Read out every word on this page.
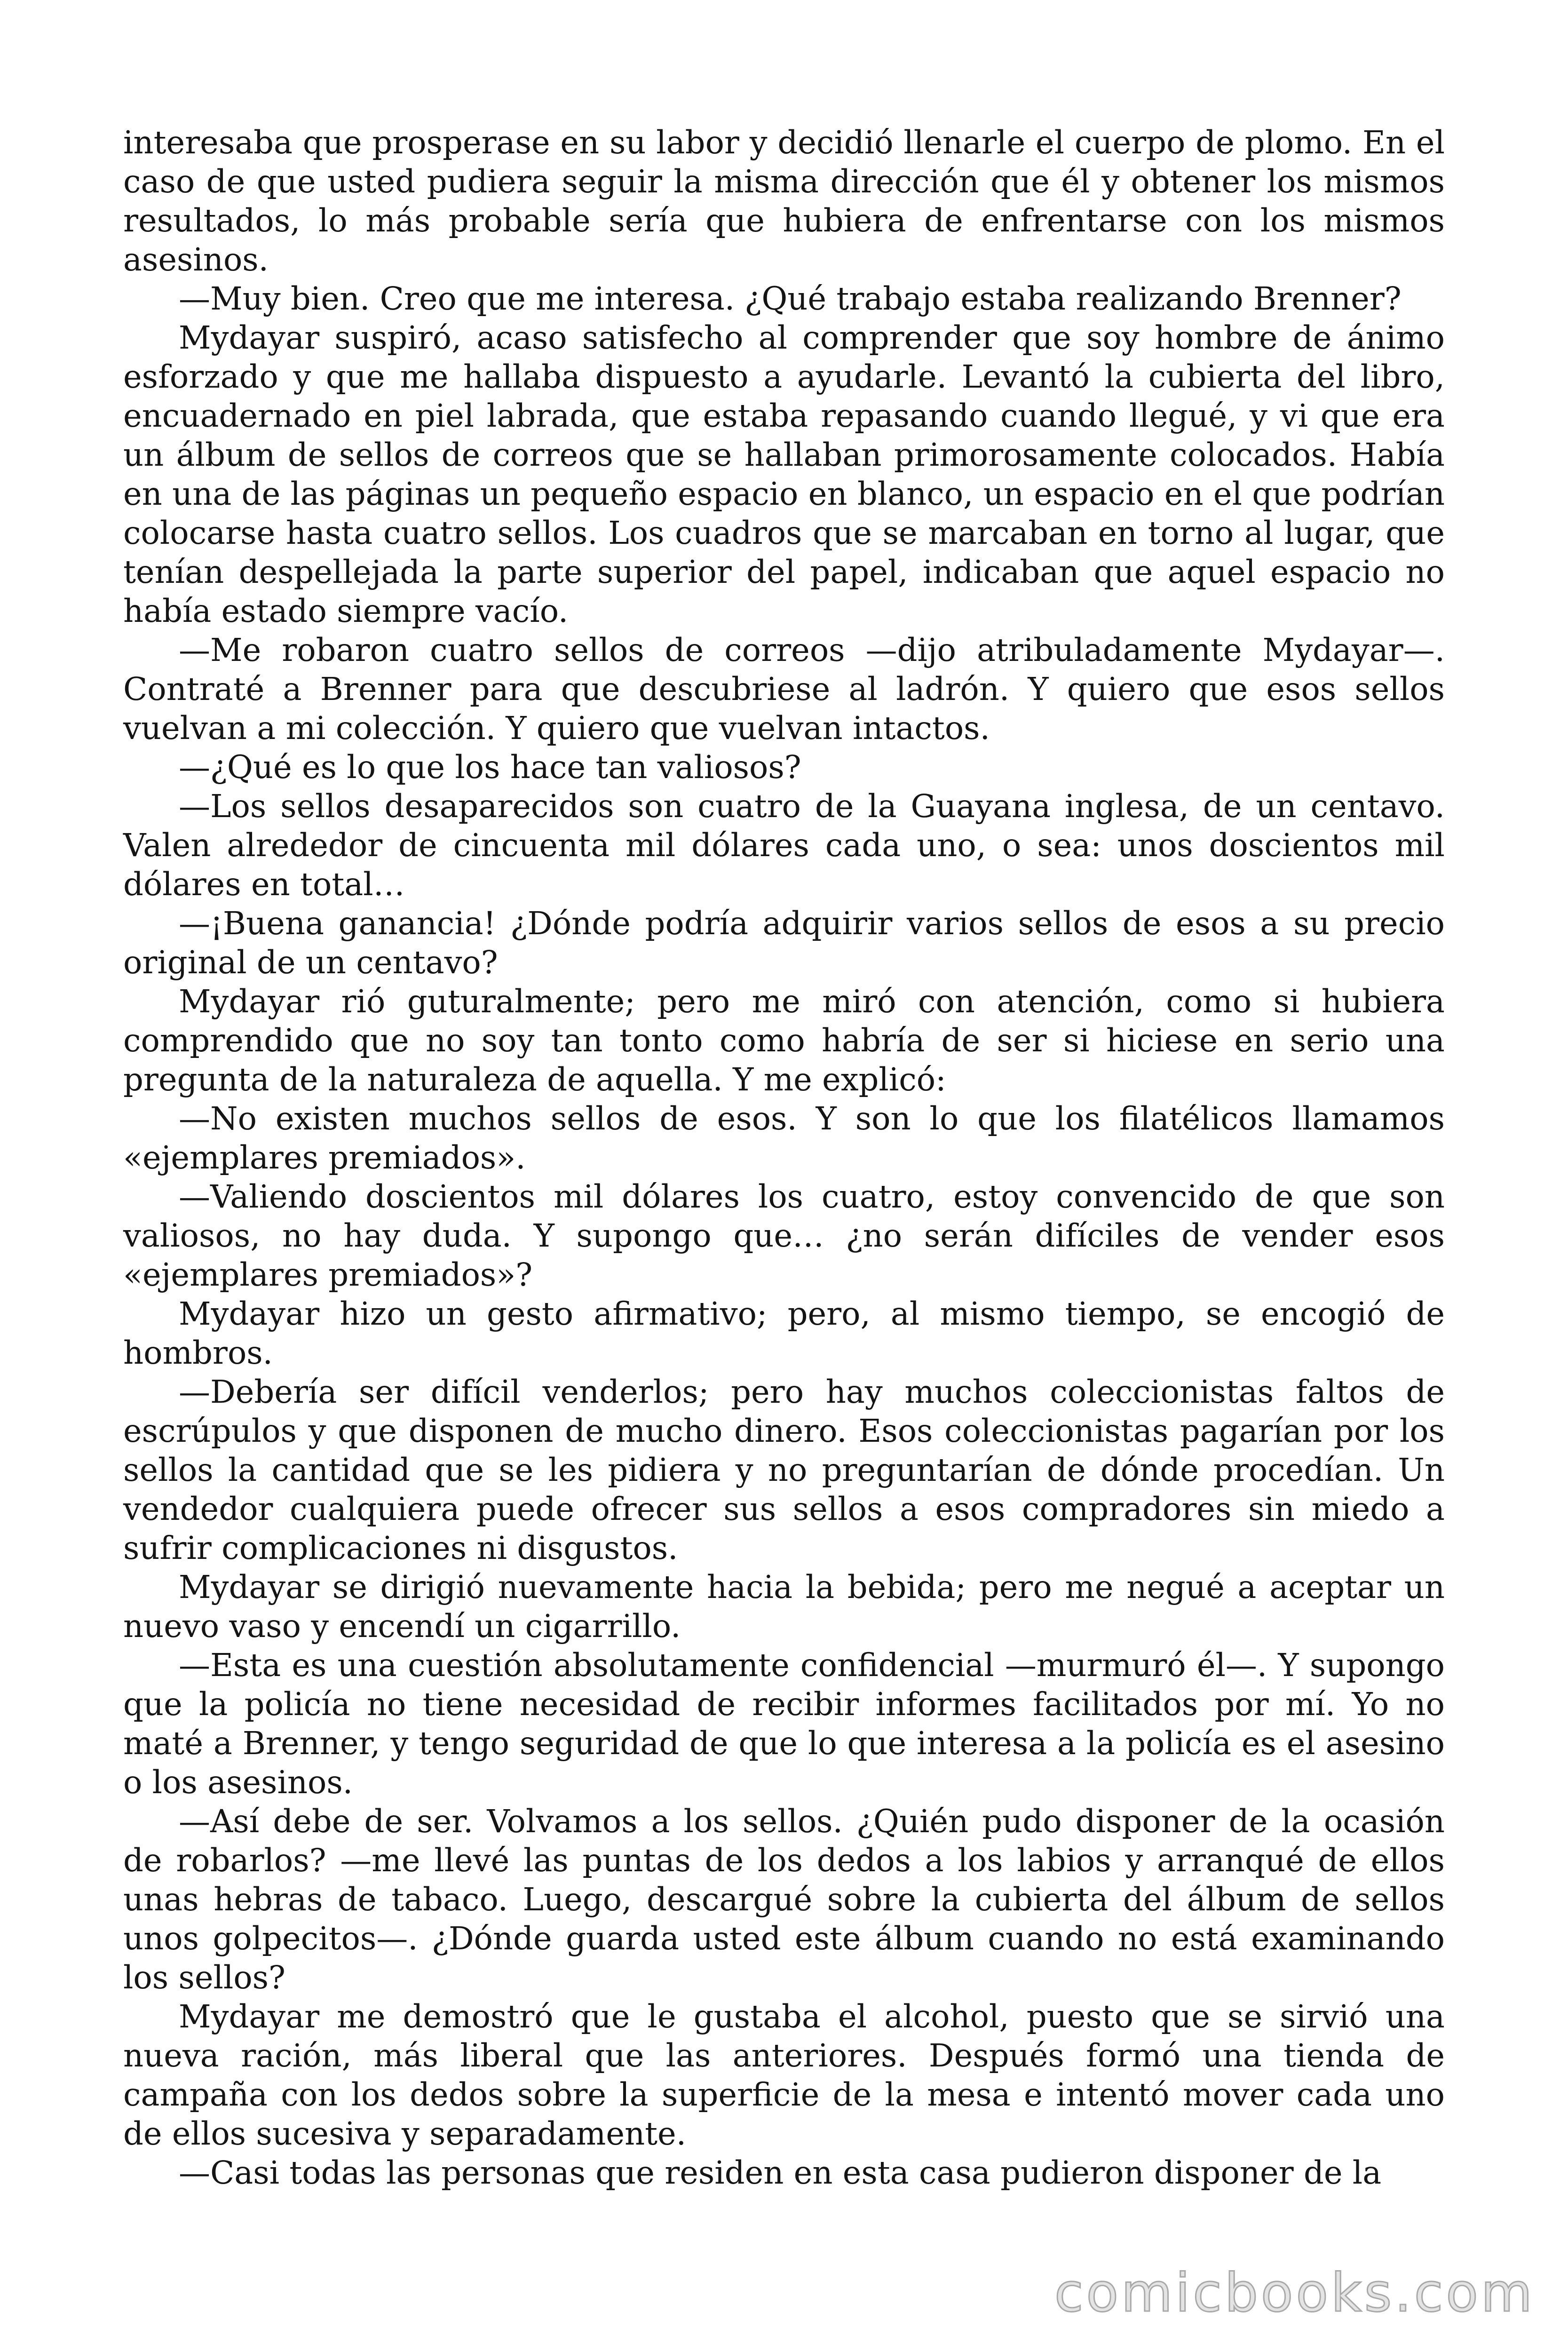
interesaba que prosperase en su labor y decidió llenarle el cuerpo de plomo. En el caso de que usted pudiera seguir la misma dirección que él y obtener los mismos resultados, lo más probable sería que hubiera de enfrentarse con los mismos asesinos.

—Muy bien. Creo que me interesa. ¿Qué trabajo estaba realizando Brenner?

Mydayar suspiró, acaso satisfecho al comprender que soy hombre de ánimo esforzado y que me hallaba dispuesto a ayudarle. Levantó la cubierta del libro, encuadernado en piel labrada, que estaba repasando cuando llegué, y vi que era un álbum de sellos de correos que se hallaban primorosamente colocados. Había en una de las páginas un pequeño espacio en blanco, un espacio en el que podrían colocarse hasta cuatro sellos. Los cuadros que se marcaban en torno al lugar, que tenían despellejada la parte superior del papel, indicaban que aquel espacio no había estado siempre vacío.

—Me robaron cuatro sellos de correos —dijo atribuladamente Mydayar—. Contraté a Brenner para que descubriese al ladrón. Y quiero que esos sellos vuelvan a mi colección. Y quiero que vuelvan intactos.

—¿Qué es lo que los hace tan valiosos?

—Los sellos desaparecidos son cuatro de la Guayana inglesa, de un centavo. Valen alrededor de cincuenta mil dólares cada uno, o sea: unos doscientos mil dólares en total…

—¡Buena ganancia! ¿Dónde podría adquirir varios sellos de esos a su precio original de un centavo?

Mydayar rió guturalmente; pero me miró con atención, como si hubiera comprendido que no soy tan tonto como habría de ser si hiciese en serio una pregunta de la naturaleza de aquella. Y me explicó:

—No existen muchos sellos de esos. Y son lo que los filatélicos llamamos «ejemplares premiados».

—Valiendo doscientos mil dólares los cuatro, estoy convencido de que son valiosos, no hay duda. Y supongo que… ¿no serán difíciles de vender esos «ejemplares premiados»?

Mydayar hizo un gesto afirmativo; pero, al mismo tiempo, se encogió de hombros.

—Debería ser difícil venderlos; pero hay muchos coleccionistas faltos de escrúpulos y que disponen de mucho dinero. Esos coleccionistas pagarían por los sellos la cantidad que se les pidiera y no preguntarían de dónde procedían. Un vendedor cualquiera puede ofrecer sus sellos a esos compradores sin miedo a sufrir complicaciones ni disgustos.

Mydayar se dirigió nuevamente hacia la bebida; pero me negué a aceptar un nuevo vaso y encendí un cigarrillo.

—Esta es una cuestión absolutamente confidencial —murmuró él—. Y supongo que la policía no tiene necesidad de recibir informes facilitados por mí. Yo no maté a Brenner, y tengo seguridad de que lo que interesa a la policía es el asesino o los asesinos.

—Así debe de ser. Volvamos a los sellos. ¿Quién pudo disponer de la ocasión de robarlos? —me llevé las puntas de los dedos a los labios y arranqué de ellos unas hebras de tabaco. Luego, descargué sobre la cubierta del álbum de sellos unos golpecitos—. ¿Dónde guarda usted este álbum cuando no está examinando los sellos?

Mydayar me demostró que le gustaba el alcohol, puesto que se sirvió una nueva ración, más liberal que las anteriores. Después formó una tienda de campaña con los dedos sobre la superficie de la mesa e intentó mover cada uno de ellos sucesiva y separadamente.

—Casi todas las personas que residen en esta casa pudieron disponer de la

comicbooks.com
